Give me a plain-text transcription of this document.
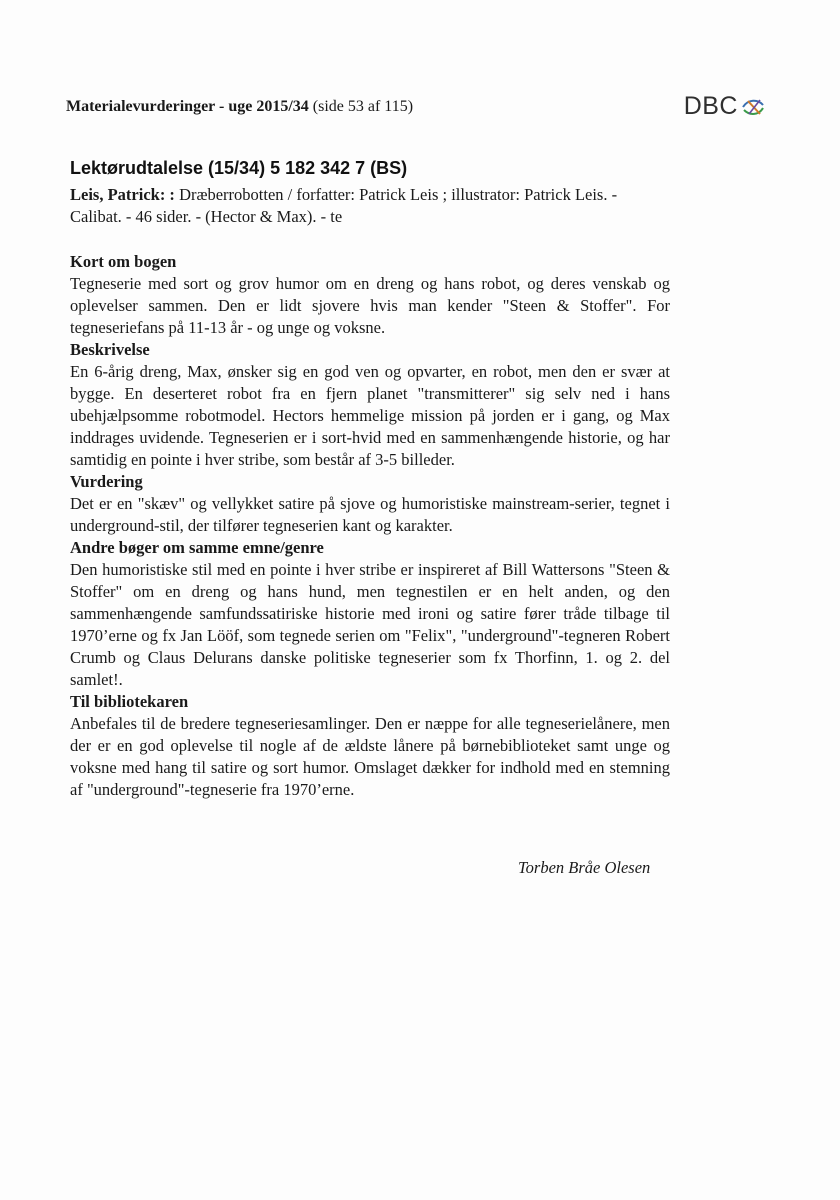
Materialevurderinger - uge 2015/34 (side 53 af 115)	DBC
Lektørudtalelse (15/34) 5 182 342 7 (BS)
Leis, Patrick: : Dræberrobotten / forfatter: Patrick Leis ; illustrator: Patrick Leis. - Calibat. - 46 sider. - (Hector & Max). - te

Kort om bogen

Tegneserie med sort og grov humor om en dreng og hans robot, og deres venskab og oplevelser sammen. Den er lidt sjovere hvis man kender "Steen & Stoffer". For tegneseriefans på 11-13 år - og unge og voksne.

Beskrivelse

En 6-årig dreng, Max, ønsker sig en god ven og opvarter, en robot, men den er svær at bygge. En deserteret robot fra en fjern planet "transmitterer" sig selv ned i hans ubehjælpsomme robotmodel. Hectors hemmelige mission på jorden er i gang, og Max inddrages uvidende. Tegneserien er i sort-hvid med en sammenhængende historie, og har samtidig en pointe i hver stribe, som består af 3-5 billeder.

Vurdering

Det er en "skæv" og vellykket satire på sjove og humoristiske mainstream-serier, tegnet i underground-stil, der tilfører tegneserien kant og karakter.

Andre bøger om samme emne/genre

Den humoristiske stil med en pointe i hver stribe er inspireret af Bill Wattersons "Steen & Stoffer" om en dreng og hans hund, men tegnestilen er en helt anden, og den sammenhængende samfundssatiriske historie med ironi og satire fører tråde tilbage til 1970’erne og fx Jan Lööf, som tegnede serien om "Felix", "underground"-tegneren Robert Crumb og Claus Delurans danske politiske tegneserier som fx Thorfinn, 1. og 2. del samlet!.

Til bibliotekaren

Anbefales til de bredere tegneseriesamlinger. Den er næppe for alle tegneserielånere, men der er en god oplevelse til nogle af de ældste lånere på børnebiblioteket samt unge og voksne med hang til satire og sort humor. Omslaget dækker for indhold med en stemning af "underground"-tegneserie fra 1970’erne.

Torben Bråe Olesen
